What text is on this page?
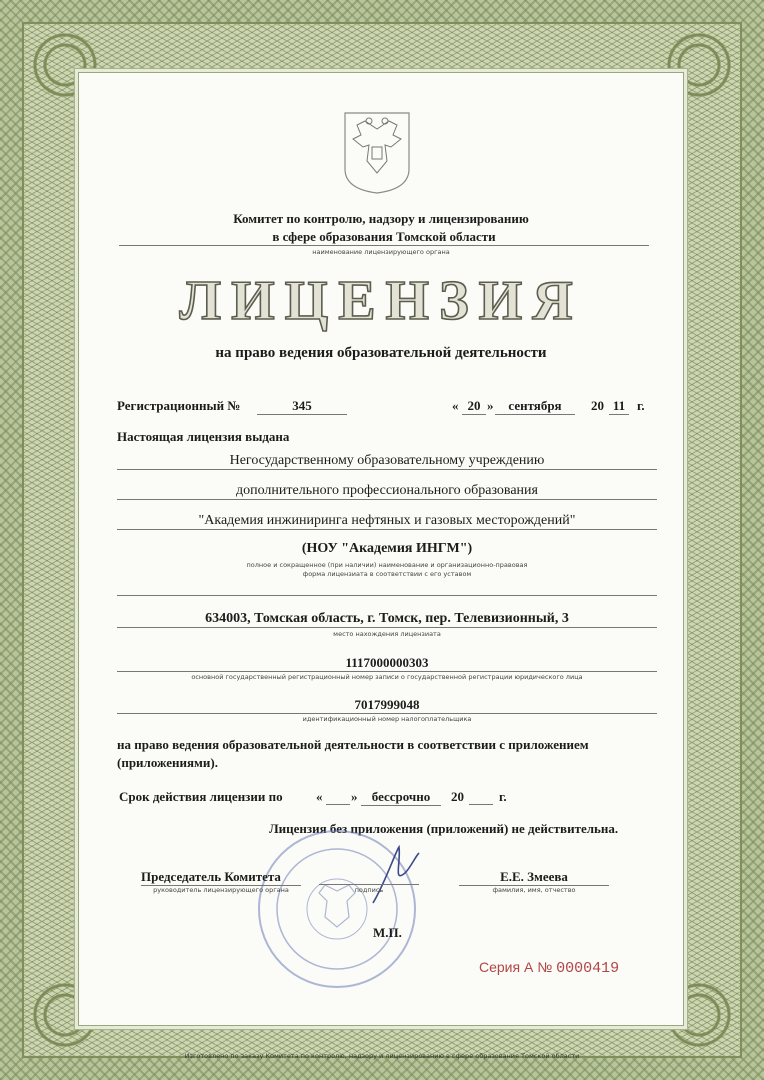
Комитет по контролю, надзору и лицензированию
в сфере образования Томской области
наименование лицензирующего органа
ЛИЦЕНЗИЯ
на право ведения образовательной деятельности
Регистрационный №	345	« 20 »	сентября	20 11 г.
Настоящая лицензия выдана
Негосударственному образовательному учреждению
дополнительного профессионального образования
"Академия инжиниринга нефтяных и газовых месторождений"
(НОУ "Академия ИНГМ")
полное и сокращенное (при наличии) наименование и организационно-правовая
форма лицензиата в соответствии с его уставом
634003, Томская область, г. Томск, пер. Телевизионный, 3
место нахождения лицензиата
1117000000303
основной государственный регистрационный номер записи о государственной регистрации юридического лица
7017999048
идентификационный номер налогоплательщика
на право ведения образовательной деятельности в соответствии с приложением
(приложениями).
Срок действия лицензии по	« »	бессрочно	20	г.
Лицензия без приложения (приложений) не действительна.
Председатель Комитета
руководитель лицензирующего органа	подпись
Е.Е. Змеева
фамилия, имя, отчество
М.П.
Серия А № 0000419
Изготовлено по заказу Комитета по контролю, надзору и лицензированию в сфере образования Томской области
